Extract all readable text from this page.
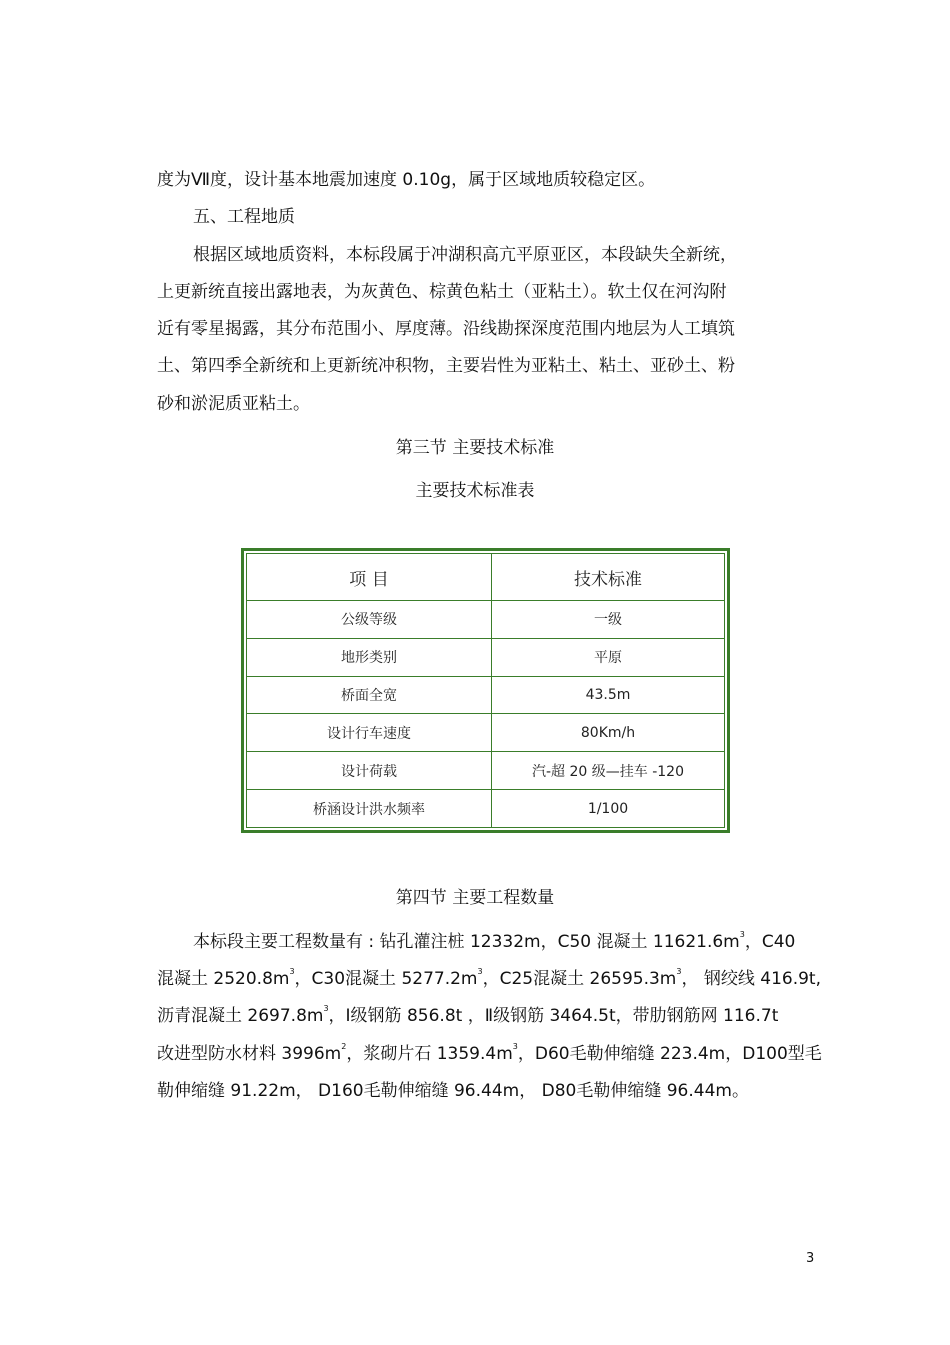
度为Ⅶ度，设计基本地震加速度 0.10g，属于区域地质较稳定区。
五、工程地质
根据区域地质资料，本标段属于冲湖积高亢平原亚区，本段缺失全新统，
上更新统直接出露地表，为灰黄色、棕黄色粘土（亚粘土）。软土仅在河沟附
近有零星揭露，其分布范围小、厚度薄。沿线勘探深度范围内地层为人工填筑
土、第四季全新统和上更新统冲积物，主要岩性为亚粘土、粘土、亚砂土、粉
砂和淤泥质亚粘土。
第三节 主要技术标准
主要技术标准表
项 目	技术标准
公级等级	一级
地形类别	平原
桥面全宽	43.5m
设计行车速度	80Km/h
设计荷载	汽-超 20 级—挂车 -120
桥涵设计洪水频率	1/100
第四节 主要工程数量
本标段主要工程数量有 : 钻孔灌注桩 12332m，C50 混凝土 $11621.6m^3$，C40
混凝土 $2520.8m^3$，C30混凝土 $5277.2m^3$，C25混凝土 $26595.3m^3$， 钢绞线 416.9t,
沥青混凝土 $2697.8m^3$，Ⅰ级钢筋 856.8t ，Ⅱ级钢筋 3464.5t，带肋钢筋网 116.7t
改进型防水材料 $3996m^2$，浆砌片石 $1359.4m^3$，D60毛勒伸缩缝 223.4m，D100型毛
勒伸缩缝 91.22m， D160毛勒伸缩缝 96.44m， D80毛勒伸缩缝 96.44m。
3
